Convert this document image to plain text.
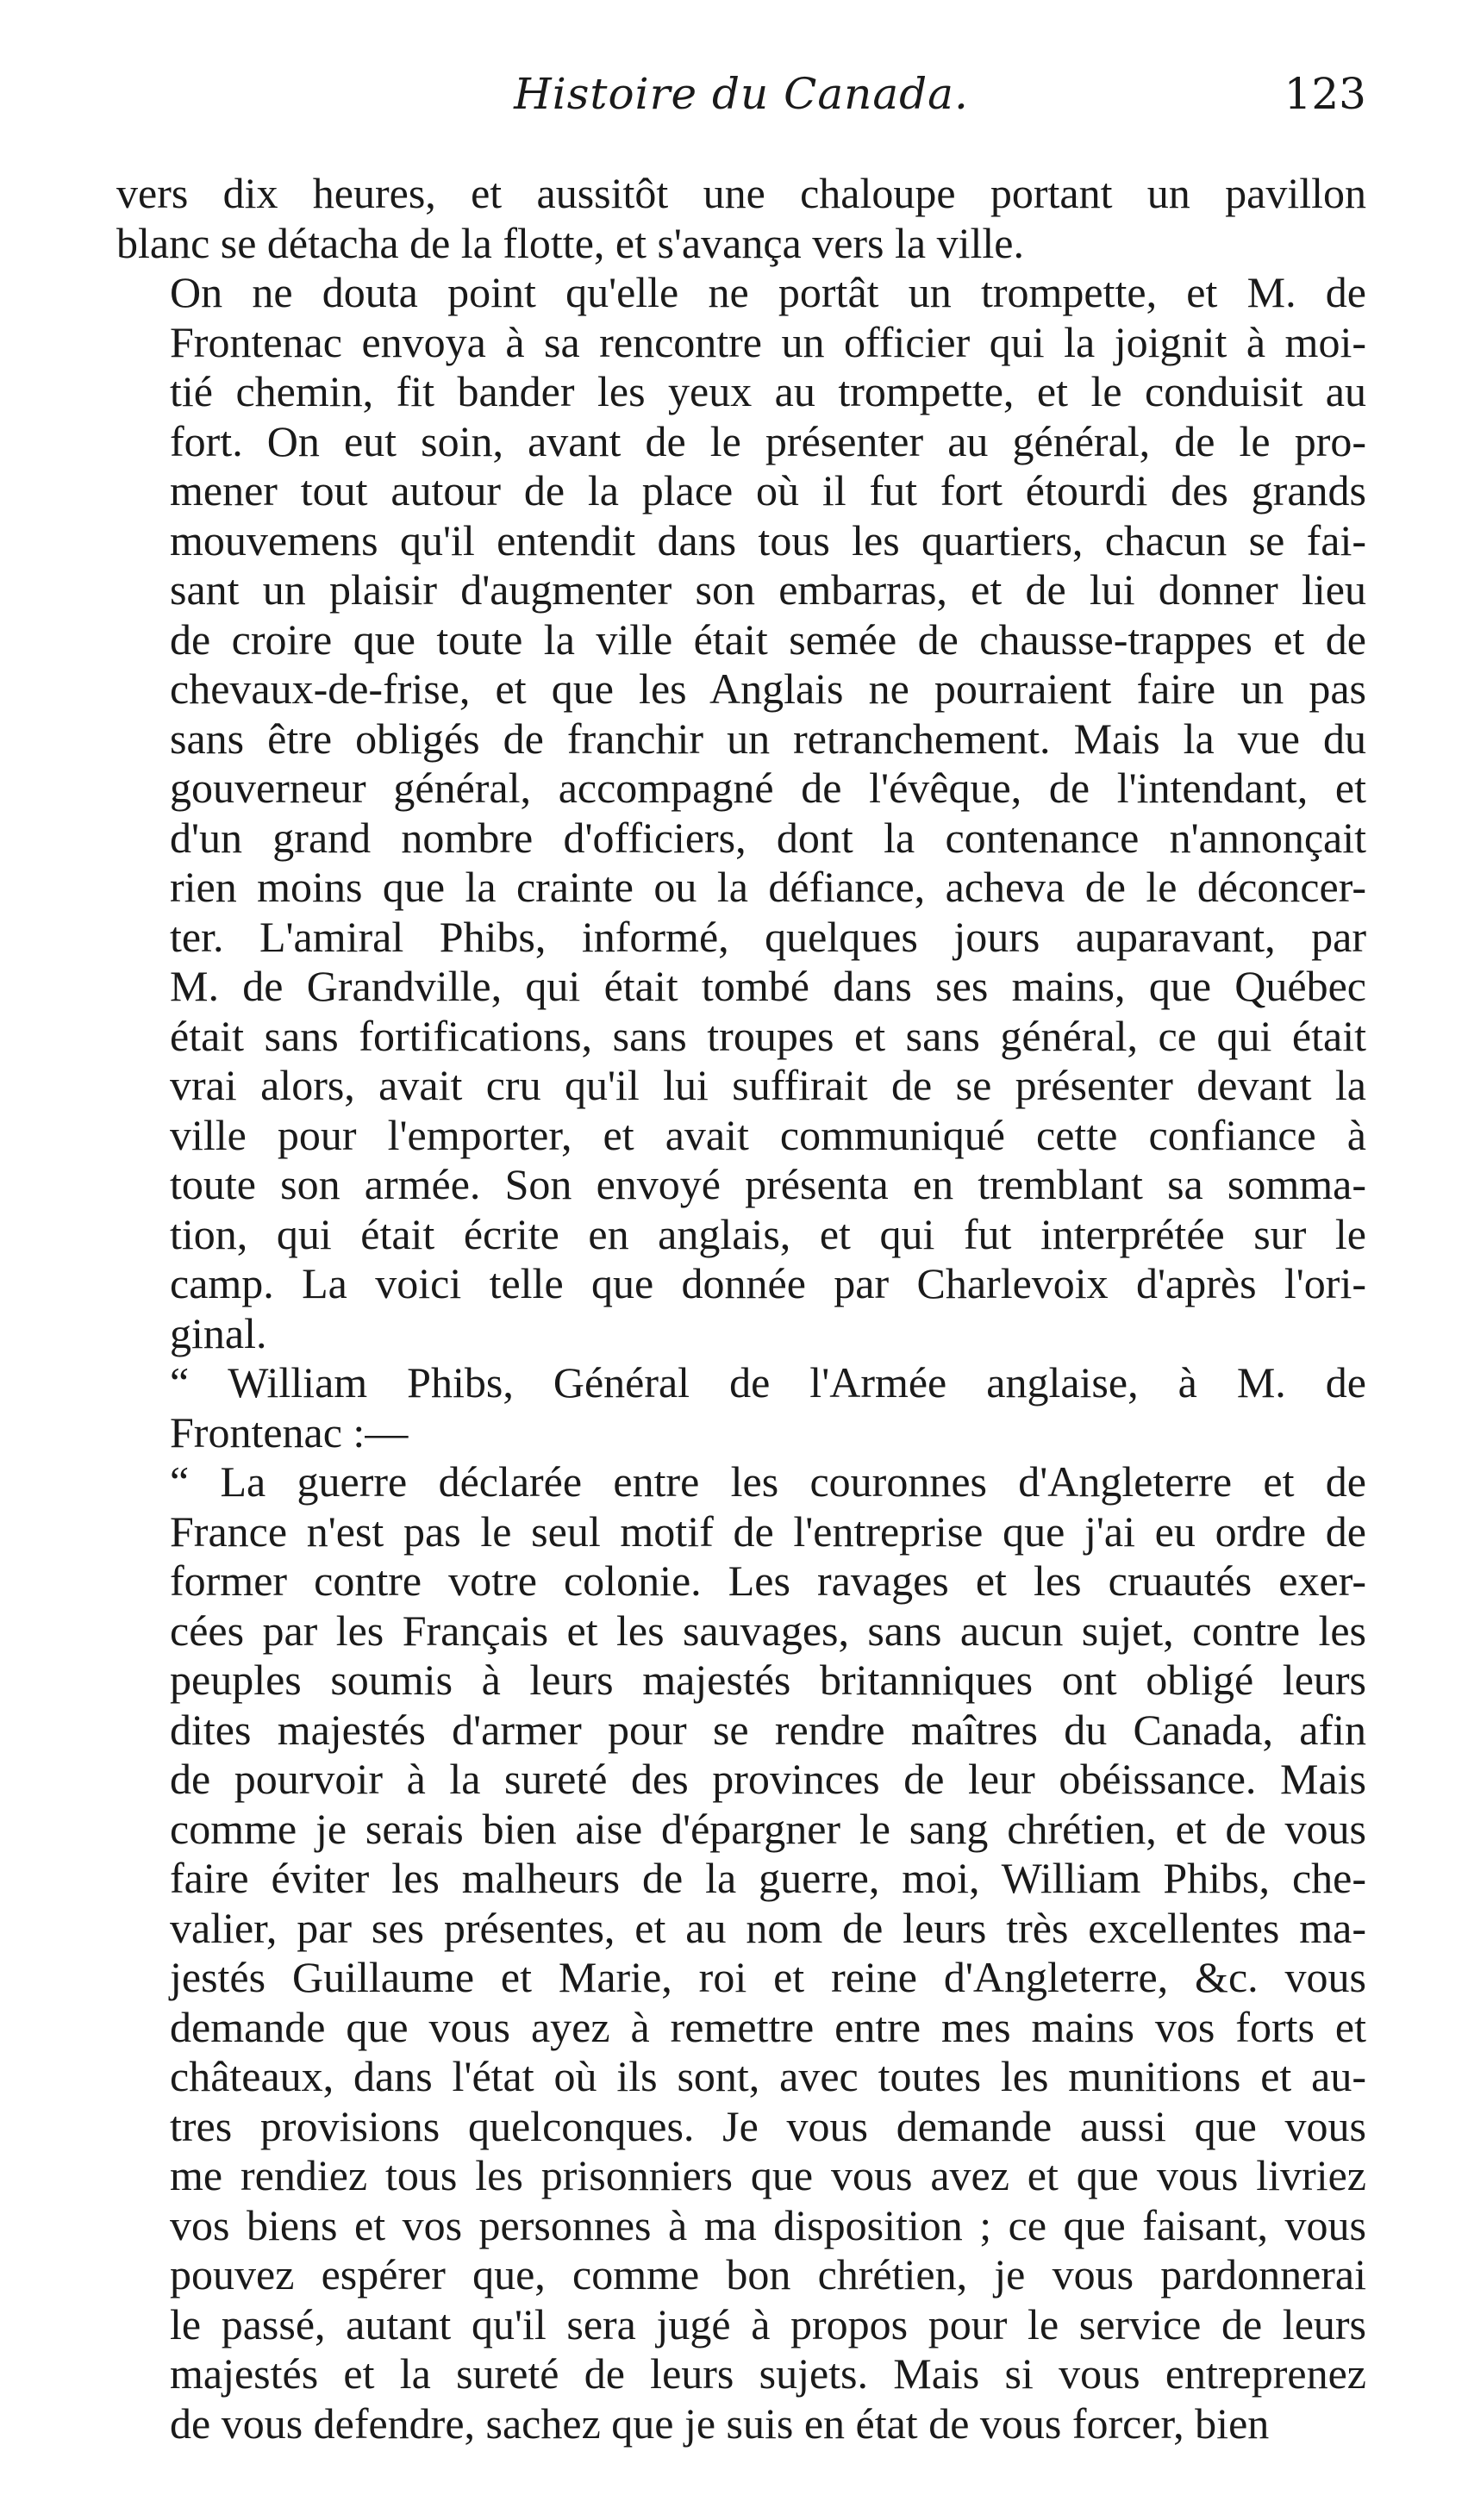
Histoire du Canada.	123

vers dix heures, et aussitôt une chaloupe portant un pavillon
blanc se détacha de la flotte, et s'avança vers la ville.

On ne douta point qu'elle ne portât un trompette, et M. de
Frontenac envoya à sa rencontre un officier qui la joignit à moi-
tié chemin, fit bander les yeux au trompette, et le conduisit au
fort. On eut soin, avant de le présenter au général, de le pro-
mener tout autour de la place où il fut fort étourdi des grands
mouvemens qu'il entendit dans tous les quartiers, chacun se fai-
sant un plaisir d'augmenter son embarras, et de lui donner lieu
de croire que toute la ville était semée de chausse-trappes et de
chevaux-de-frise, et que les Anglais ne pourraient faire un pas
sans être obligés de franchir un retranchement. Mais la vue du
gouverneur général, accompagné de l'évêque, de l'intendant, et
d'un grand nombre d'officiers, dont la contenance n'annonçait
rien moins que la crainte ou la défiance, acheva de le déconcer-
ter. L'amiral Phibs, informé, quelques jours auparavant, par
M. de Grandville, qui était tombé dans ses mains, que Québec
était sans fortifications, sans troupes et sans général, ce qui était
vrai alors, avait cru qu'il lui suffirait de se présenter devant la
ville pour l'emporter, et avait communiqué cette confiance à
toute son armée. Son envoyé présenta en tremblant sa somma-
tion, qui était écrite en anglais, et qui fut interprétée sur le
camp. La voici telle que donnée par Charlevoix d'après l'ori-
ginal.

“ William Phibs, Général de l'Armée anglaise, à M. de
Frontenac :—

“ La guerre déclarée entre les couronnes d'Angleterre et de
France n'est pas le seul motif de l'entreprise que j'ai eu ordre de
former contre votre colonie. Les ravages et les cruautés exer-
cées par les Français et les sauvages, sans aucun sujet, contre les
peuples soumis à leurs majestés britanniques ont obligé leurs
dites majestés d'armer pour se rendre maîtres du Canada, afin
de pourvoir à la sureté des provinces de leur obéissance. Mais
comme je serais bien aise d'épargner le sang chrétien, et de vous
faire éviter les malheurs de la guerre, moi, William Phibs, che-
valier, par ses présentes, et au nom de leurs très excellentes ma-
jestés Guillaume et Marie, roi et reine d'Angleterre, &c. vous
demande que vous ayez à remettre entre mes mains vos forts et
châteaux, dans l'état où ils sont, avec toutes les munitions et au-
tres provisions quelconques. Je vous demande aussi que vous
me rendiez tous les prisonniers que vous avez et que vous livriez
vos biens et vos personnes à ma disposition ; ce que faisant, vous
pouvez espérer que, comme bon chrétien, je vous pardonnerai
le passé, autant qu'il sera jugé à propos pour le service de leurs
majestés et la sureté de leurs sujets. Mais si vous entreprenez
de vous defendre, sachez que je suis en état de vous forcer, bien
